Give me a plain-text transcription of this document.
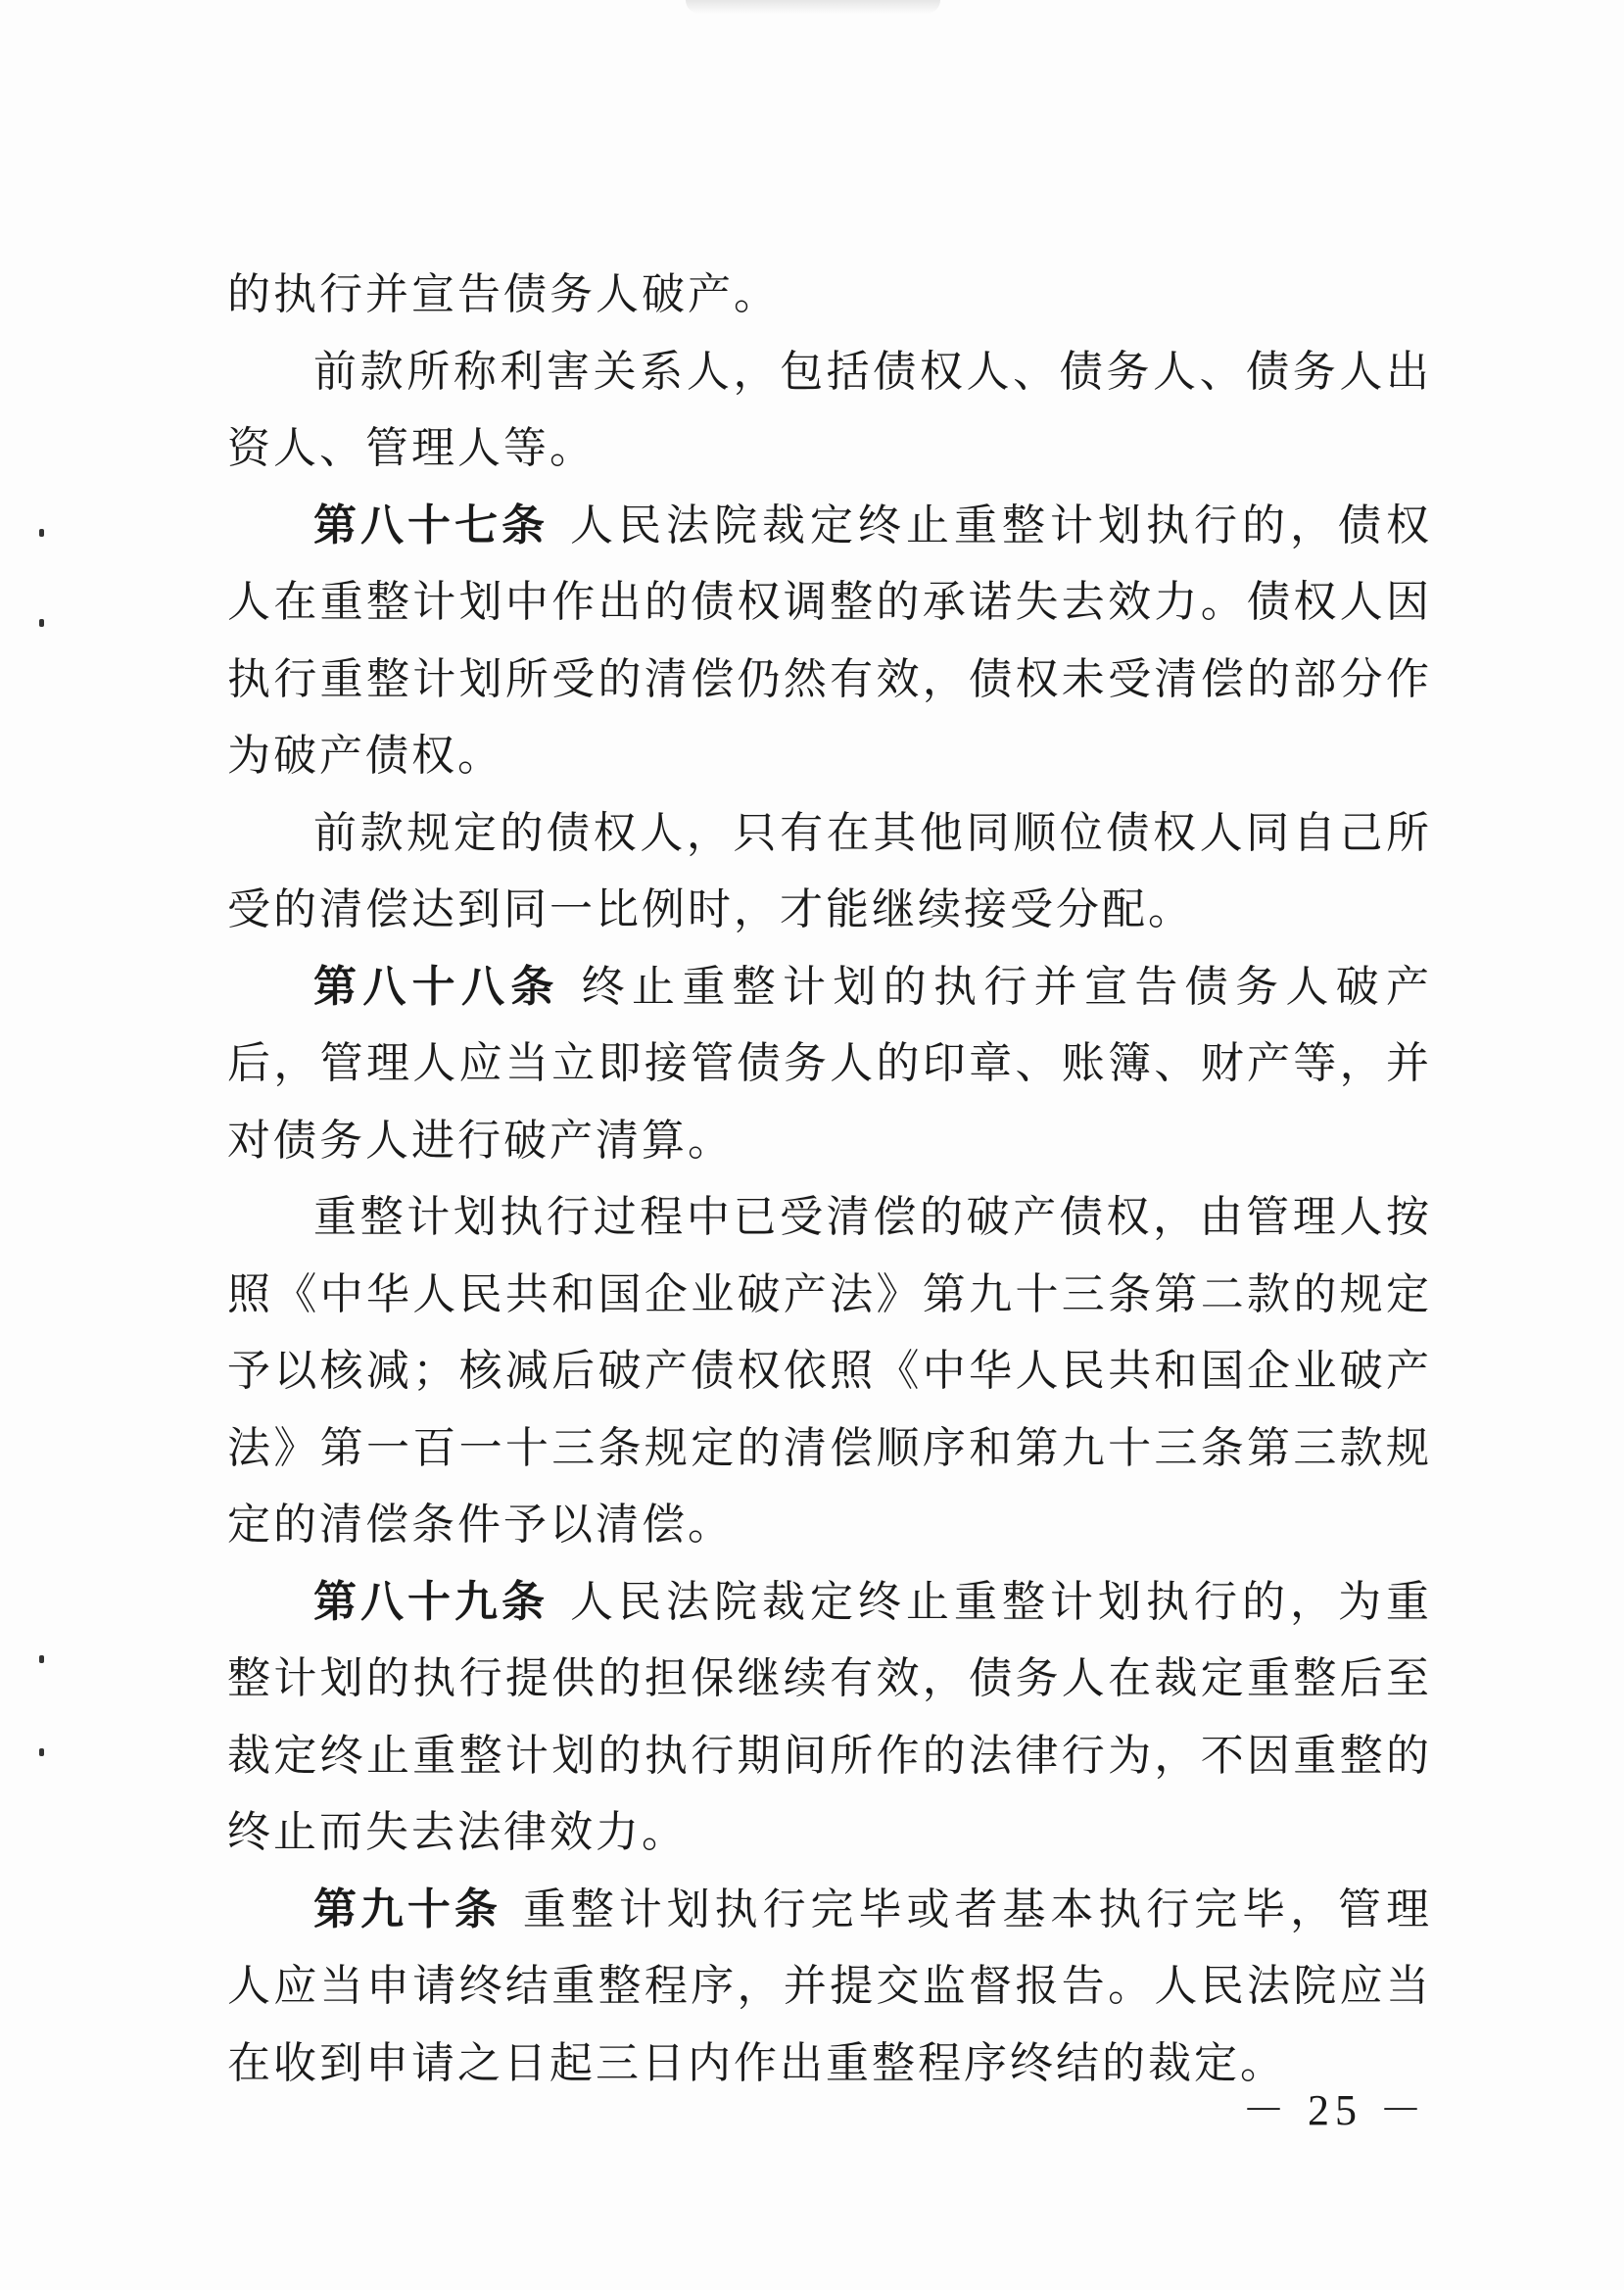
的执行并宣告债务人破产。

前款所称利害关系人，包括债权人、债务人、债务人出资人、管理人等。

第八十七条 人民法院裁定终止重整计划执行的，债权人在重整计划中作出的债权调整的承诺失去效力。债权人因执行重整计划所受的清偿仍然有效，债权未受清偿的部分作为破产债权。

前款规定的债权人，只有在其他同顺位债权人同自己所受的清偿达到同一比例时，才能继续接受分配。

第八十八条 终止重整计划的执行并宣告债务人破产后，管理人应当立即接管债务人的印章、账簿、财产等，并对债务人进行破产清算。

重整计划执行过程中已受清偿的破产债权，由管理人按照《中华人民共和国企业破产法》第九十三条第二款的规定予以核减；核减后破产债权依照《中华人民共和国企业破产法》第一百一十三条规定的清偿顺序和第九十三条第三款规定的清偿条件予以清偿。

第八十九条 人民法院裁定终止重整计划执行的，为重整计划的执行提供的担保继续有效，债务人在裁定重整后至裁定终止重整计划的执行期间所作的法律行为，不因重整的终止而失去法律效力。

第九十条 重整计划执行完毕或者基本执行完毕，管理人应当申请终结重整程序，并提交监督报告。人民法院应当在收到申请之日起三日内作出重整程序终结的裁定。

－ 25 －
